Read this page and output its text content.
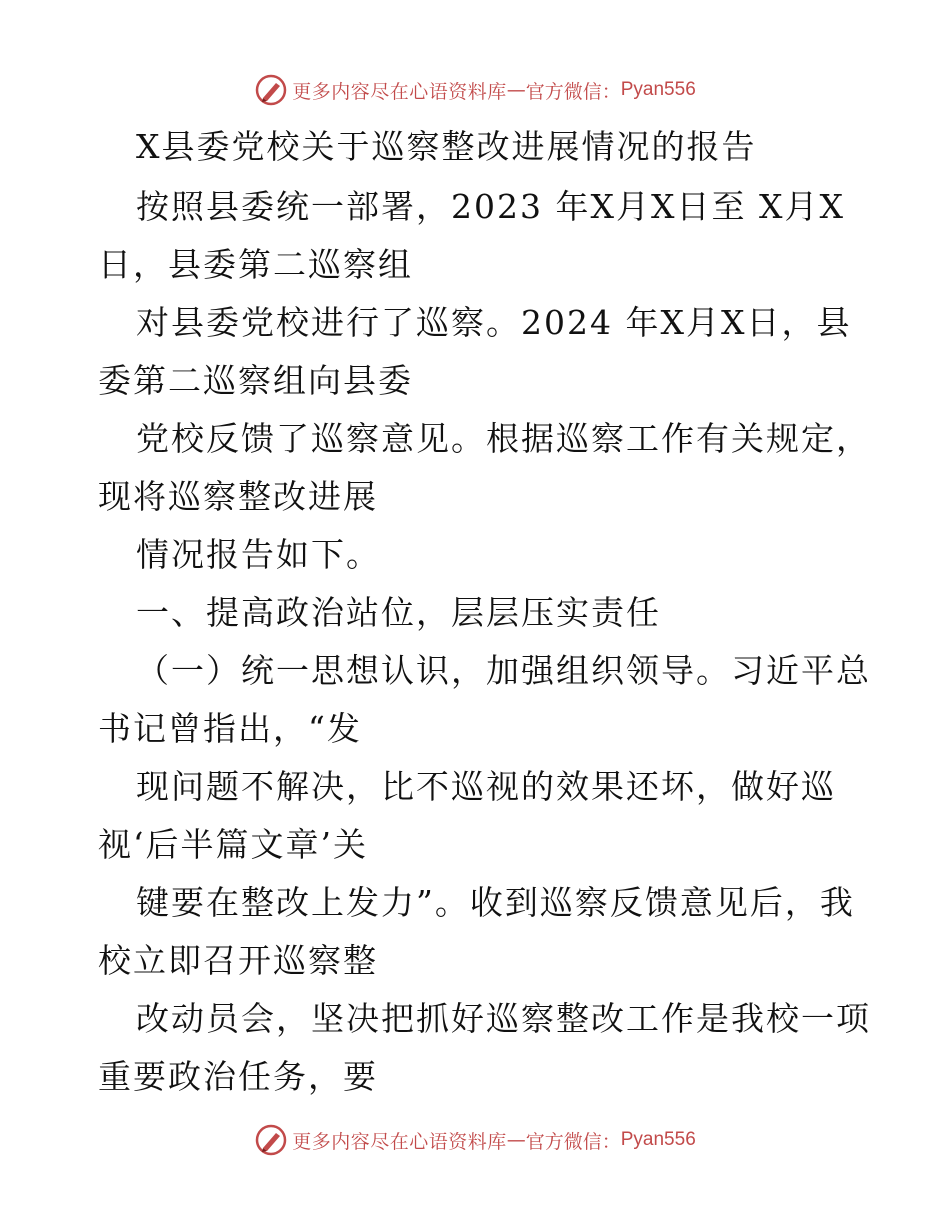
更多内容尽在心语资料库 — 官方微信： Pyan556
X县委党校关于巡察整改进展情况的报告
按照县委统一部署，2023 年X月X日至 X月X
日，县委第二巡察组
对县委党校进行了巡察。2024 年X月X日，县
委第二巡察组向县委
党校反馈了巡察意见。根据巡察工作有关规定，
现将巡察整改进展
情况报告如下。
一、提高政治站位，层层压实责任
（一）统一思想认识，加强组织领导。习近平总
书记曾指出，“发
现问题不解决，比不巡视的效果还坏，做好巡
视‘后半篇文章’关
键要在整改上发力”。收到巡察反馈意见后，我
校立即召开巡察整
改动员会，坚决把抓好巡察整改工作是我校一项
重要政治任务，要
更多内容尽在心语资料库 — 官方微信： Pyan556
